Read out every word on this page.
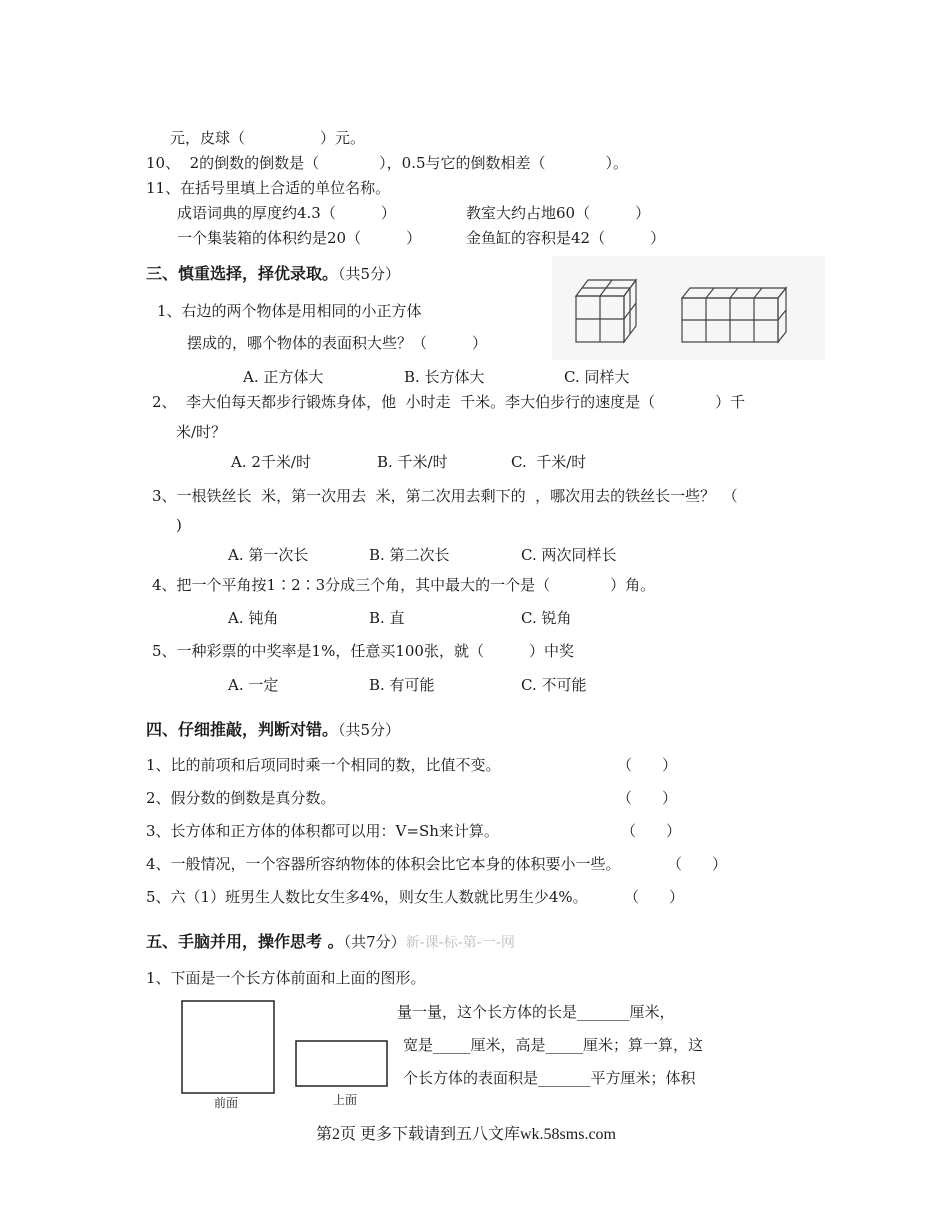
元，皮球（　　　　　）元。
10、  2的倒数的倒数是（　　　　），0.5与它的倒数相差（　　　　）。
11、在括号里填上合适的单位名称。
成语词典的厚度约4.3（　　　）	教室大约占地60（　　　）
一个集装箱的体积约是20（　　　）	金鱼缸的容积是42（　　　）
三、慎重选择，择优录取。（共5分）
1、右边的两个物体是用相同的小正方体
摆成的，哪个物体的表面积大些？（　　　）
A. 正方体大	B. 长方体大	C. 同样大
2、  李大伯每天都步行锻炼身体，他  小时走  千米。李大伯步行的速度是（　　　　）千
米/时？
A. 2千米/时	B. 千米/时	C.  千米/时
3、一根铁丝长  米，第一次用去  米，第二次用去剩下的  ，哪次用去的铁丝长一些？　（
)
A. 第一次长	B. 第二次长	C. 两次同样长
4、把一个平角按1∶2∶3分成三个角，其中最大的一个是（　　　　）角。
A. 钝角	B. 直	C. 锐角
5、一种彩票的中奖率是1%，任意买100张，就（　　　）中奖
A. 一定	B. 有可能	C. 不可能
四、仔细推敲，判断对错。（共5分）
1、比的前项和后项同时乘一个相同的数，比值不变。	（　　）
2、假分数的倒数是真分数。	（　　）
3、长方体和正方体的体积都可以用：V=Sh来计算。	（　　）
4、一般情况，一个容器所容纳物体的体积会比它本身的体积要小一些。	（　　）
5、六（1）班男生人数比女生多4%，则女生人数就比男生少4%。 （　　）
五、手脑并用，操作思考 。（共7分）新-课-标-第-一-网
1、下面是一个长方体前面和上面的图形。
前面	上面
量一量，这个长方体的长是_______厘米，
宽是_____厘米，高是_____厘米；算一算，这
个长方体的表面积是_______平方厘米；体积
第2页 更多下载请到五八文库wk.58sms.com
